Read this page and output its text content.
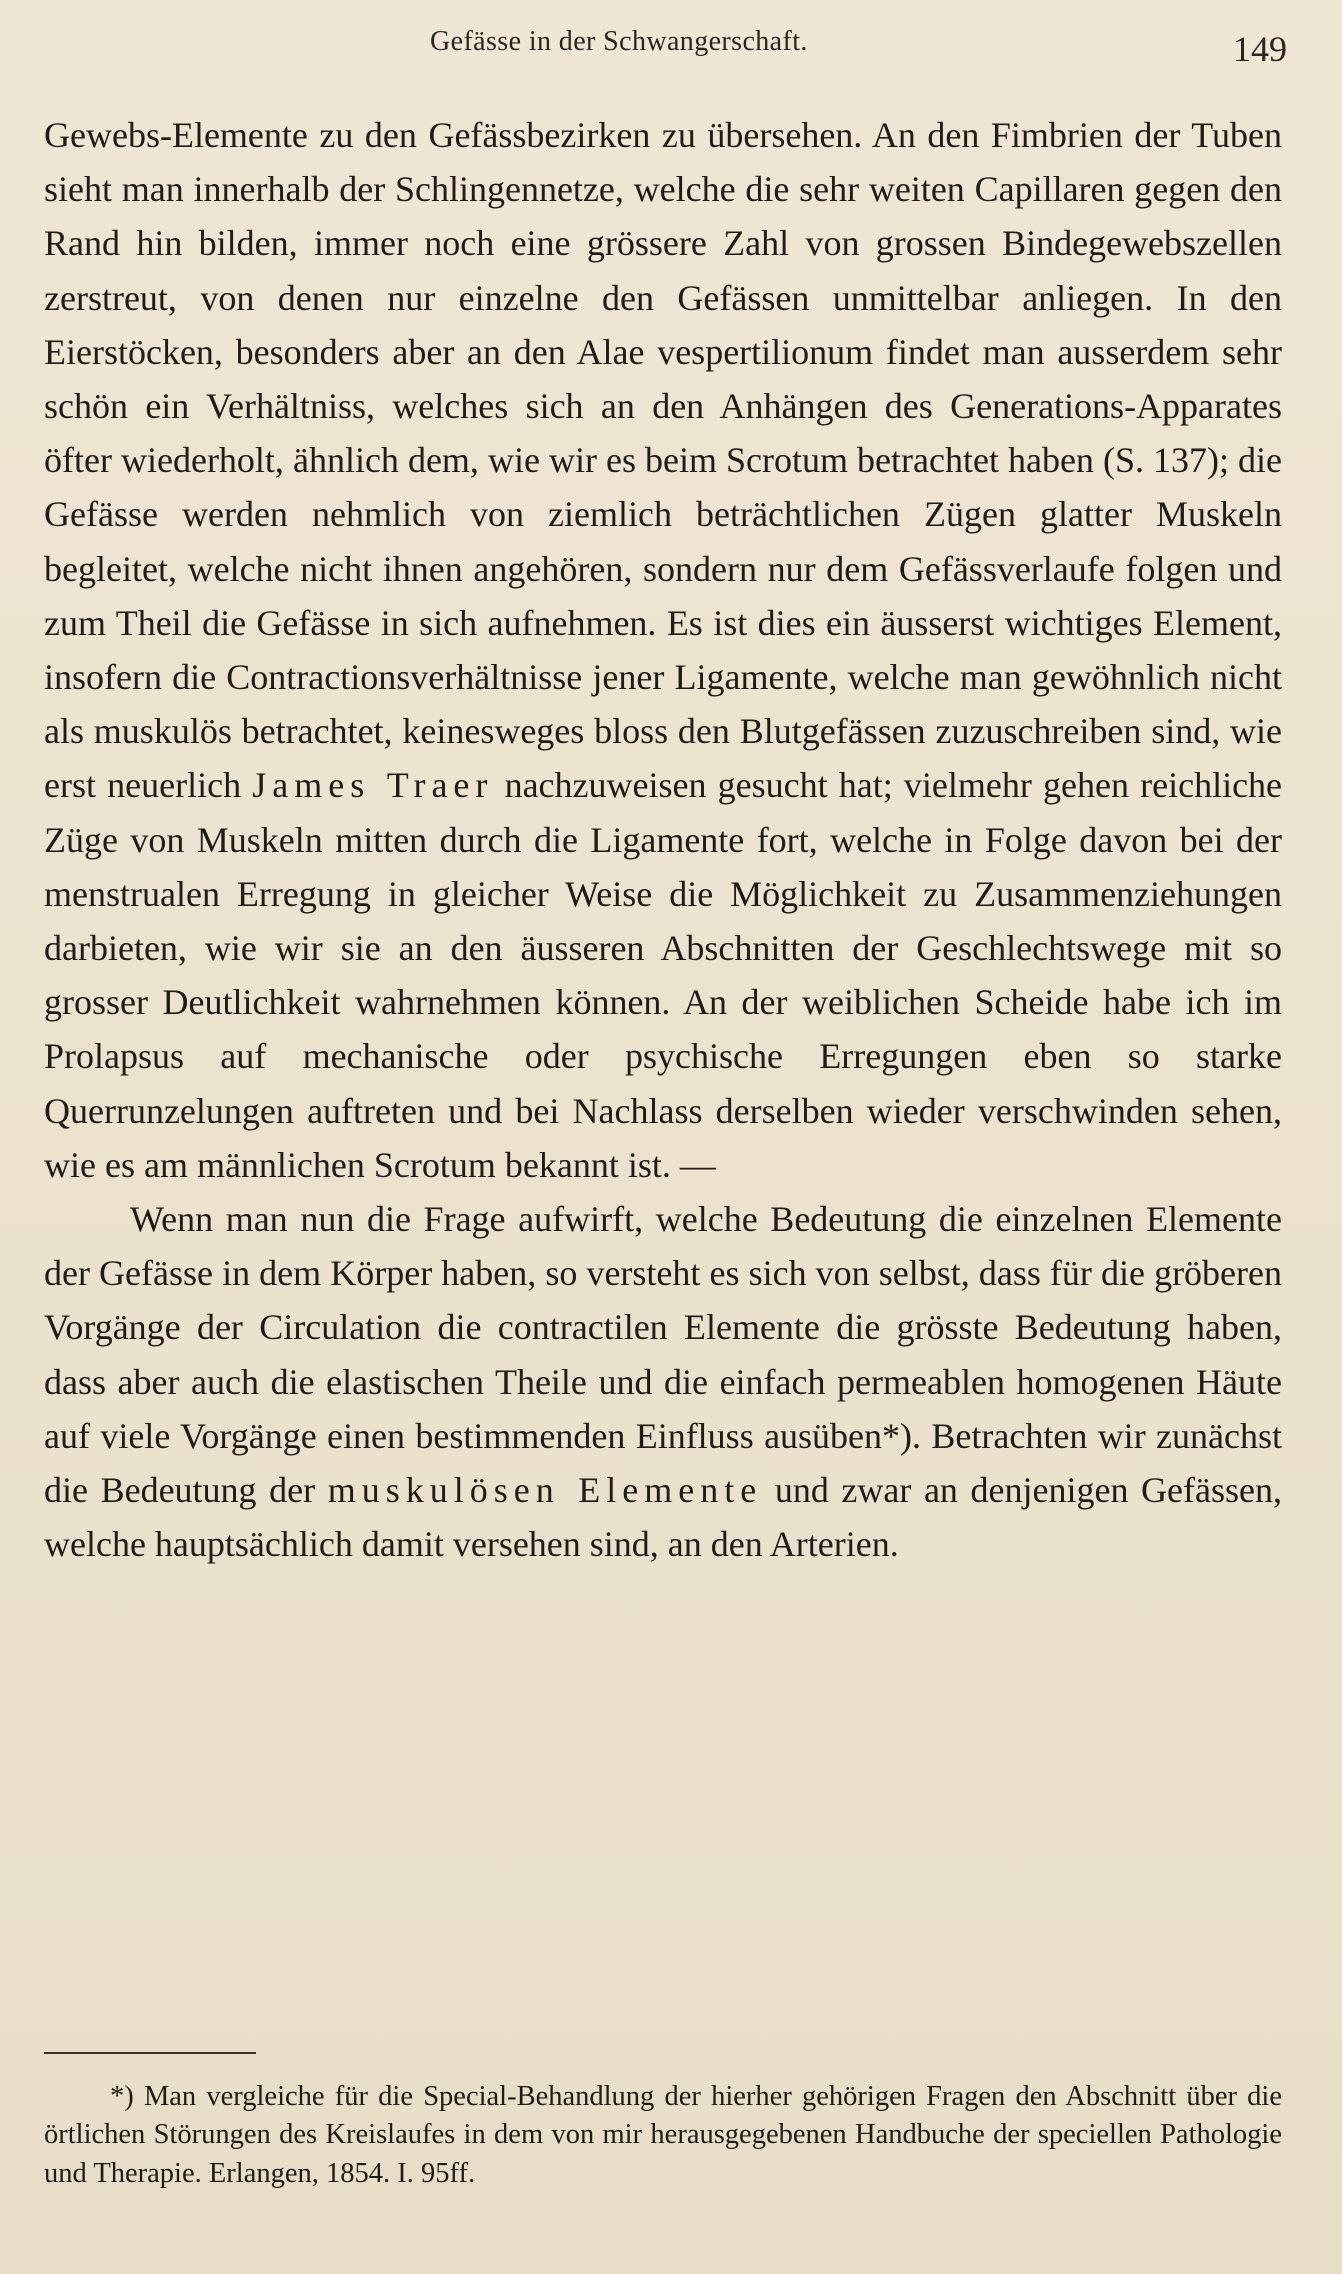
Gefässe in der Schwangerschaft.	149

Gewebs-Elemente zu den Gefässbezirken zu übersehen. An den Fimbrien der Tuben sieht man innerhalb der Schlingennetze, welche die sehr weiten Capillaren gegen den Rand hin bilden, immer noch eine grössere Zahl von grossen Bindegewebszellen zerstreut, von denen nur einzelne den Gefässen unmittelbar anliegen. In den Eierstöcken, besonders aber an den Alae vespertilionum findet man ausserdem sehr schön ein Verhältniss, welches sich an den Anhängen des Generations-Apparates öfter wiederholt, ähnlich dem, wie wir es beim Scrotum betrachtet haben (S. 137); die Gefässe werden nehmlich von ziemlich beträchtlichen Zügen glatter Muskeln begleitet, welche nicht ihnen angehören, sondern nur dem Gefässverlaufe folgen und zum Theil die Gefässe in sich aufnehmen. Es ist dies ein äusserst wichtiges Element, insofern die Contractionsverhältnisse jener Ligamente, welche man gewöhnlich nicht als muskulös betrachtet, keinesweges bloss den Blutgefässen zuzuschreiben sind, wie erst neuerlich James Traer nachzuweisen gesucht hat; vielmehr gehen reichliche Züge von Muskeln mitten durch die Ligamente fort, welche in Folge davon bei der menstrualen Erregung in gleicher Weise die Möglichkeit zu Zusammenziehungen darbieten, wie wir sie an den äusseren Abschnitten der Geschlechtswege mit so grosser Deutlichkeit wahrnehmen können. An der weiblichen Scheide habe ich im Prolapsus auf mechanische oder psychische Erregungen eben so starke Querrunzelungen auftreten und bei Nachlass derselben wieder verschwinden sehen, wie es am männlichen Scrotum bekannt ist. —

Wenn man nun die Frage aufwirft, welche Bedeutung die einzelnen Elemente der Gefässe in dem Körper haben, so versteht es sich von selbst, dass für die gröberen Vorgänge der Circulation die contractilen Elemente die grösste Bedeutung haben, dass aber auch die elastischen Theile und die einfach permeablen homogenen Häute auf viele Vorgänge einen bestimmenden Einfluss ausüben*). Betrachten wir zunächst die Bedeutung der muskulösen Elemente und zwar an denjenigen Gefässen, welche hauptsächlich damit versehen sind, an den Arterien.

*) Man vergleiche für die Special-Behandlung der hierher gehörigen Fragen den Abschnitt über die örtlichen Störungen des Kreislaufes in dem von mir herausgegebenen Handbuche der speciellen Pathologie und Therapie. Erlangen, 1854. I. 95ff.
